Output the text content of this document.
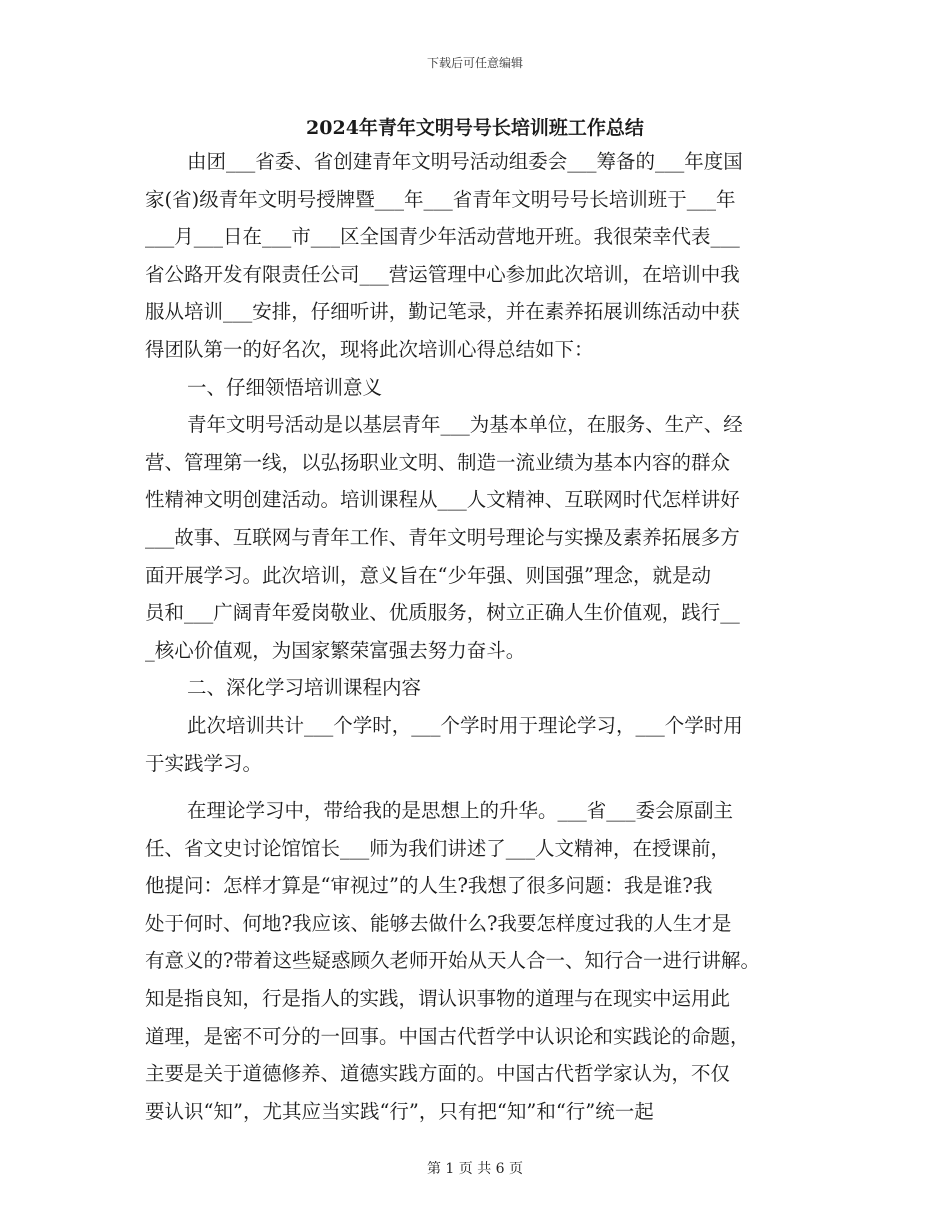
下载后可任意编辑
2024年青年文明号号长培训班工作总结
由团___省委、省创建青年文明号活动组委会___筹备的___年度国
家(省)级青年文明号授牌暨___年___省青年文明号号长培训班于___年
___月___日在___市___区全国青少年活动营地开班。我很荣幸代表___
省公路开发有限责任公司___营运管理中心参加此次培训，在培训中我
服从培训___安排，仔细听讲，勤记笔录，并在素养拓展训练活动中获
得团队第一的好名次，现将此次培训心得总结如下：
一、仔细领悟培训意义
青年文明号活动是以基层青年___为基本单位，在服务、生产、经
营、管理第一线，以弘扬职业文明、制造一流业绩为基本内容的群众
性精神文明创建活动。培训课程从___人文精神、互联网时代怎样讲好
___故事、互联网与青年工作、青年文明号理论与实操及素养拓展多方
面开展学习。此次培训，意义旨在“少年强、则国强”理念，就是动
员和___广阔青年爱岗敬业、优质服务，树立正确人生价值观，践行__
_核心价值观，为国家繁荣富强去努力奋斗。
二、深化学习培训课程内容
此次培训共计___个学时，___个学时用于理论学习，___个学时用
于实践学习。
在理论学习中，带给我的是思想上的升华。___省___委会原副主
任、省文史讨论馆馆长___师为我们讲述了___人文精神，在授课前，
他提问：怎样才算是“审视过”的人生?我想了很多问题：我是谁?我
处于何时、何地?我应该、能够去做什么?我要怎样度过我的人生才是
有意义的?带着这些疑惑顾久老师开始从天人合一、知行合一进行讲解。
知是指良知，行是指人的实践，谓认识事物的道理与在现实中运用此
道理，是密不可分的一回事。中国古代哲学中认识论和实践论的命题，
主要是关于道德修养、道德实践方面的。中国古代哲学家认为，不仅
要认识“知”，尤其应当实践“行”，只有把“知”和“行”统一起
第 1 页 共 6 页
